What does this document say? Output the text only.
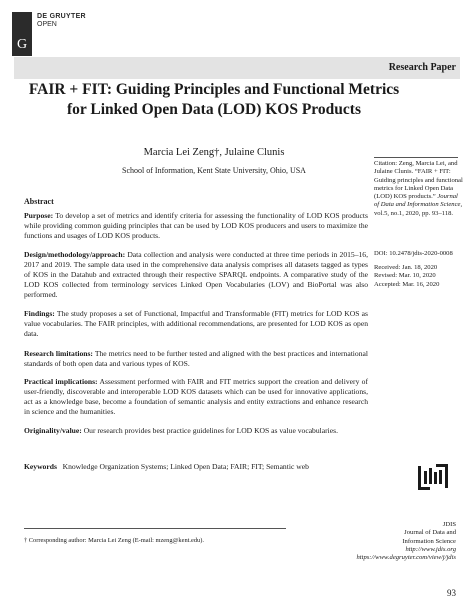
G
DE GRUYTER
OPEN
Research Paper
FAIR + FIT: Guiding Principles and Functional Metrics for Linked Open Data (LOD) KOS Products
Marcia Lei Zeng†, Julaine Clunis
School of Information, Kent State University, Ohio, USA
Citation: Zeng, Marcia Lei, and Julaine Clunis. “FAIR + FIT: Guiding principles and functional metrics for Linked Open Data (LOD) KOS products.” Journal of Data and Information Science, vol.5, no.1, 2020, pp. 93–118.
DOI: 10.2478/jdis-2020-0008
Received: Jan. 18, 2020
Revised: Mar. 10, 2020
Accepted: Mar. 16, 2020
Abstract
Purpose: To develop a set of metrics and identify criteria for assessing the functionality of LOD KOS products while providing common guiding principles that can be used by LOD KOS producers and users to maximize the functions and usages of LOD KOS products.
Design/methodology/approach: Data collection and analysis were conducted at three time periods in 2015–16, 2017 and 2019. The sample data used in the comprehensive data analysis comprises all datasets tagged as types of KOS in the Datahub and extracted through their respective SPARQL endpoints. A comparative study of the LOD KOS collected from terminology services Linked Open Vocabularies (LOV) and BioPortal was also performed.
Findings: The study proposes a set of Functional, Impactful and Transformable (FIT) metrics for LOD KOS as value vocabularies. The FAIR principles, with additional recommendations, are presented for LOD KOS as open data.
Research limitations: The metrics need to be further tested and aligned with the best practices and international standards of both open data and various types of KOS.
Practical implications: Assessment performed with FAIR and FIT metrics support the creation and delivery of user-friendly, discoverable and interoperable LOD KOS datasets which can be used for innovative applications, act as a knowledge base, become a foundation of semantic analysis and entity extractions and enhance research in science and the humanities.
Originality/value: Our research provides best practice guidelines for LOD KOS as value vocabularies.
Keywords Knowledge Organization Systems; Linked Open Data; FAIR; FIT; Semantic web
† Corresponding author: Marcia Lei Zeng (E-mail: mzeng@kent.edu).
JDIS
Journal of Data and
Information Science
http://www.jdis.org
https://www.degruyter.com/view/j/jdis
93
